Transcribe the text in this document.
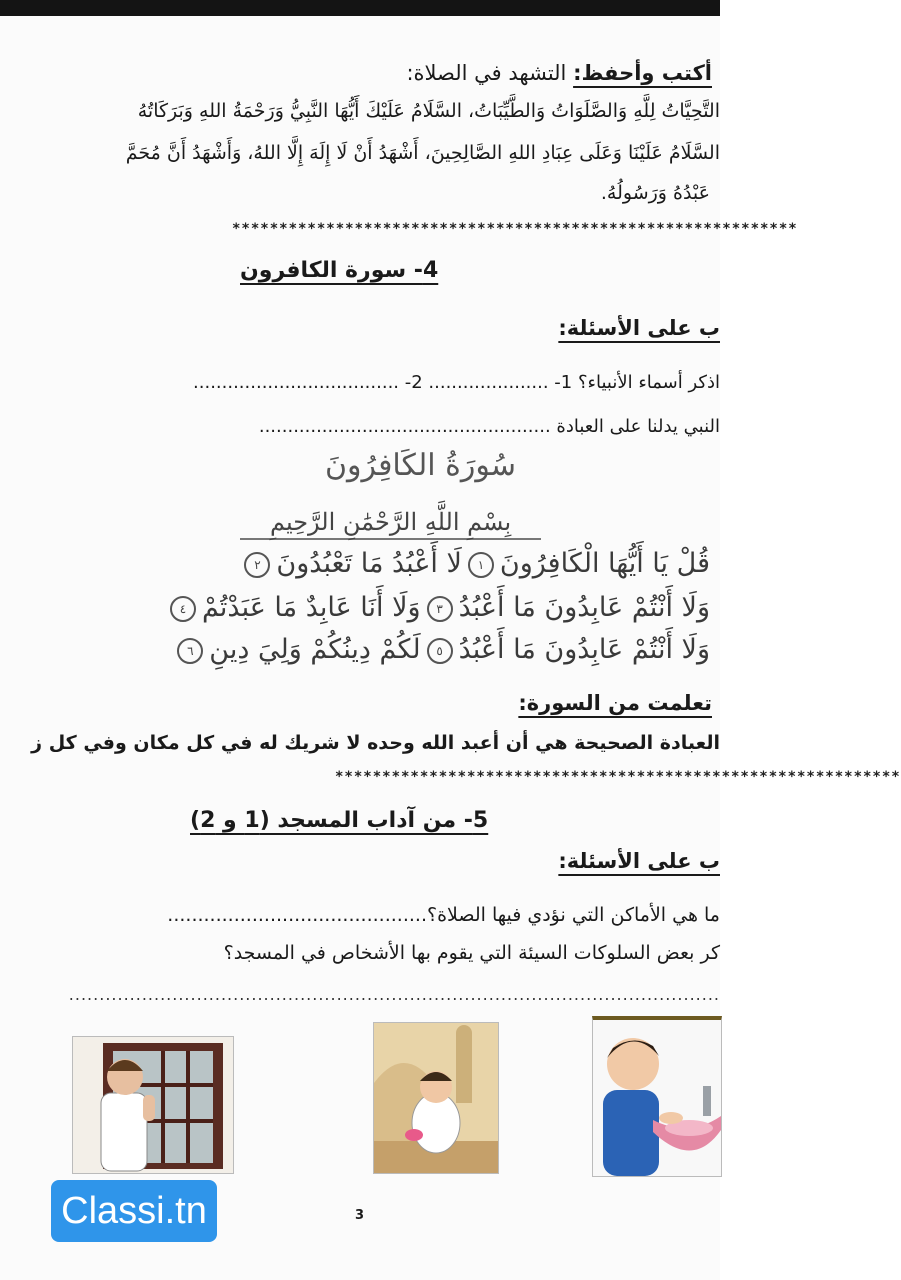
أكتب وأحفظ: التشهد في الصلاة:
التَّحِيَّاتُ لِلَّهِ وَالصَّلَوَاتُ وَالطَّيِّبَاتُ، السَّلَامُ عَلَيْكَ أَيُّهَا النَّبِيُّ وَرَحْمَةُ اللهِ وَبَرَكَاتُهُ
السَّلَامُ عَلَيْنَا وَعَلَى عِبَادِ اللهِ الصَّالِحِينَ، أَشْهَدُ أَنْ لَا إِلَهَ إِلَّا اللهُ، وَأَشْهَدُ أَنَّ مُحَمَّ
عَبْدُهُ وَرَسُولُهُ.
************************************************************
4- سورة الكافرون
ب على الأسئلة:
اذكر أسماء الأنبياء؟ 1- ..................... 2- ....................................
النبي يدلنا على العبادة ...................................................
سُورَةُ الكَافِرُونَ
بِسْمِ اللَّهِ الرَّحْمَٰنِ الرَّحِيمِ
قُلْ يَا أَيُّهَا الْكَافِرُونَ١لَا أَعْبُدُ مَا تَعْبُدُونَ٢
وَلَا أَنْتُمْ عَابِدُونَ مَا أَعْبُدُ٣وَلَا أَنَا عَابِدٌ مَا عَبَدْتُمْ٤
وَلَا أَنْتُمْ عَابِدُونَ مَا أَعْبُدُ٥لَكُمْ دِينُكُمْ وَلِيَ دِينِ٦
تعلمت من السورة:
العبادة الصحيحة هي أن أعبد الله وحده لا شريك له في كل مكان وفي كل ز
************************************************************
5- من آداب المسجد (1 و 2)
ب على الأسئلة:
ما هي الأماكن التي نؤدي فيها الصلاة؟...........................................
كر بعض السلوكات السيئة التي يقوم بها الأشخاص في المسجد؟
...........................................................................................................
3
Classi.tn
